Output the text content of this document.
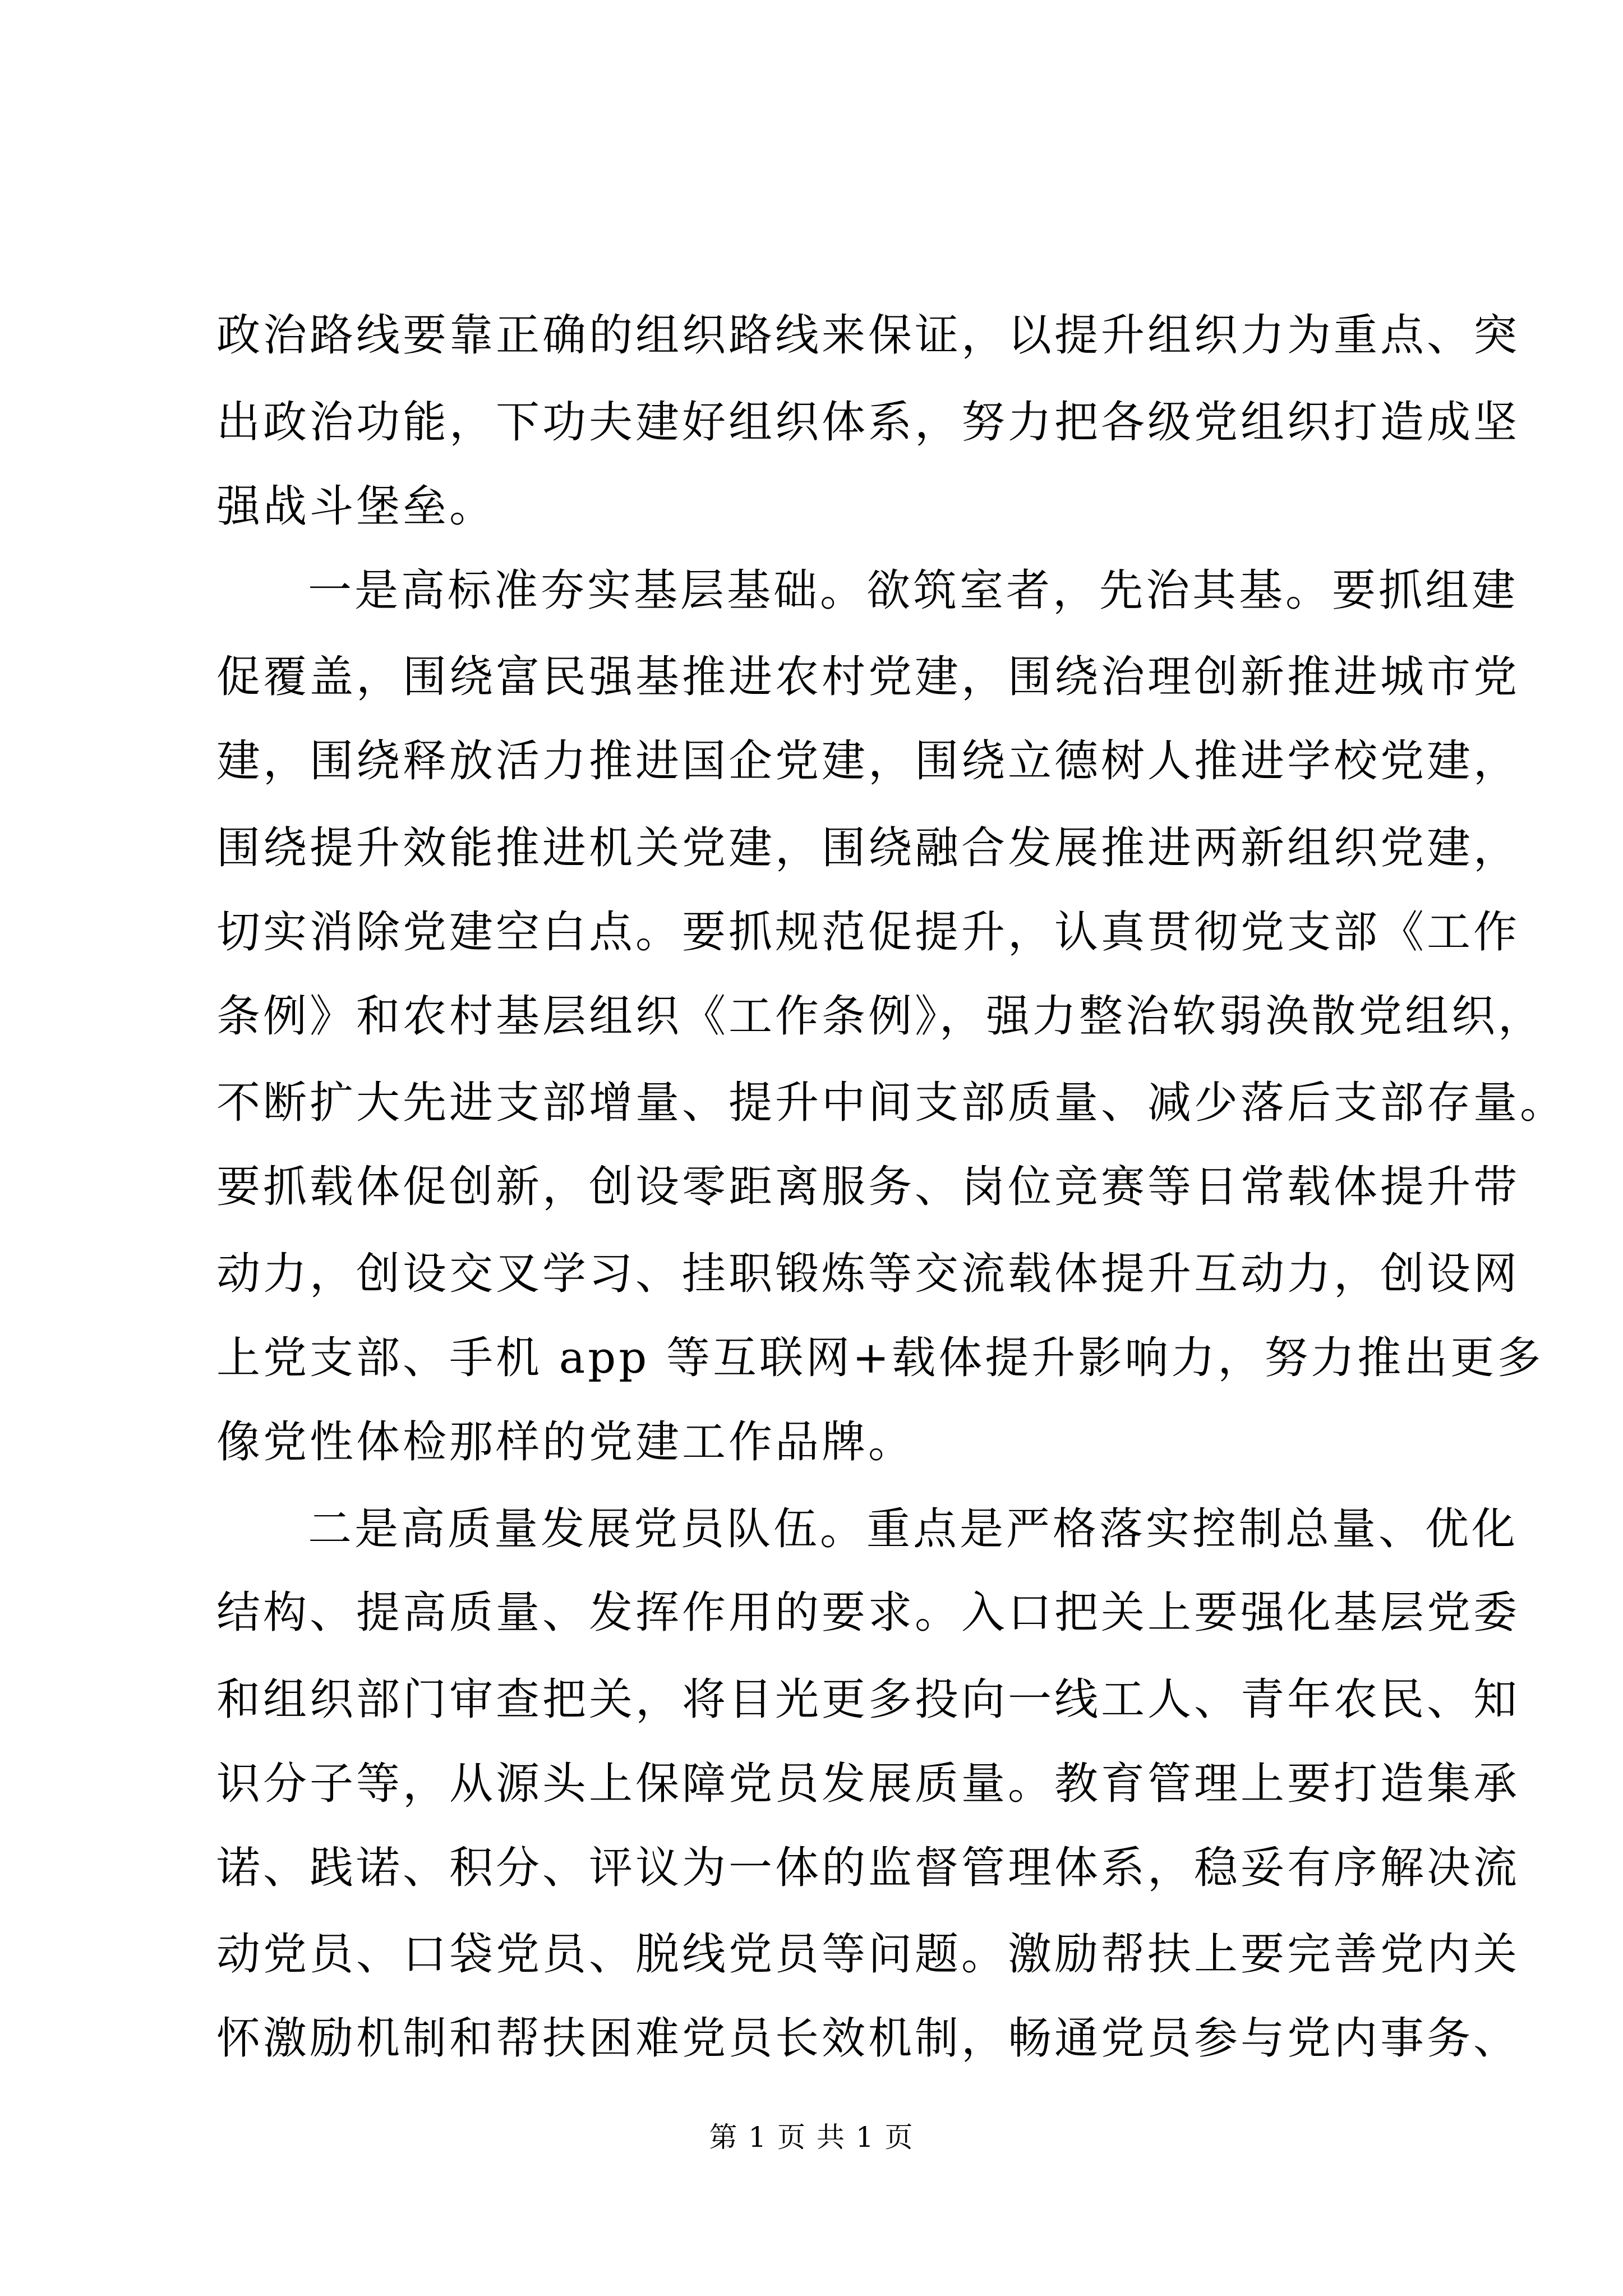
政治路线要靠正确的组织路线来保证，以提升组织力为重点、突
出政治功能，下功夫建好组织体系，努力把各级党组织打造成坚
强战斗堡垒。
一是高标准夯实基层基础。欲筑室者，先治其基。要抓组建
促覆盖，围绕富民强基推进农村党建，围绕治理创新推进城市党
建，围绕释放活力推进国企党建，围绕立德树人推进学校党建，
围绕提升效能推进机关党建，围绕融合发展推进两新组织党建，
切实消除党建空白点。要抓规范促提升，认真贯彻党支部《工作
条例》和农村基层组织《工作条例》，强力整治软弱涣散党组织，
不断扩大先进支部增量、提升中间支部质量、减少落后支部存量。
要抓载体促创新，创设零距离服务、岗位竞赛等日常载体提升带
动力，创设交叉学习、挂职锻炼等交流载体提升互动力，创设网
上党支部、手机 app 等互联网+载体提升影响力，努力推出更多
像党性体检那样的党建工作品牌。
二是高质量发展党员队伍。重点是严格落实控制总量、优化
结构、提高质量、发挥作用的要求。入口把关上要强化基层党委
和组织部门审查把关，将目光更多投向一线工人、青年农民、知
识分子等，从源头上保障党员发展质量。教育管理上要打造集承
诺、践诺、积分、评议为一体的监督管理体系，稳妥有序解决流
动党员、口袋党员、脱线党员等问题。激励帮扶上要完善党内关
怀激励机制和帮扶困难党员长效机制，畅通党员参与党内事务、
第 1 页 共 1 页
